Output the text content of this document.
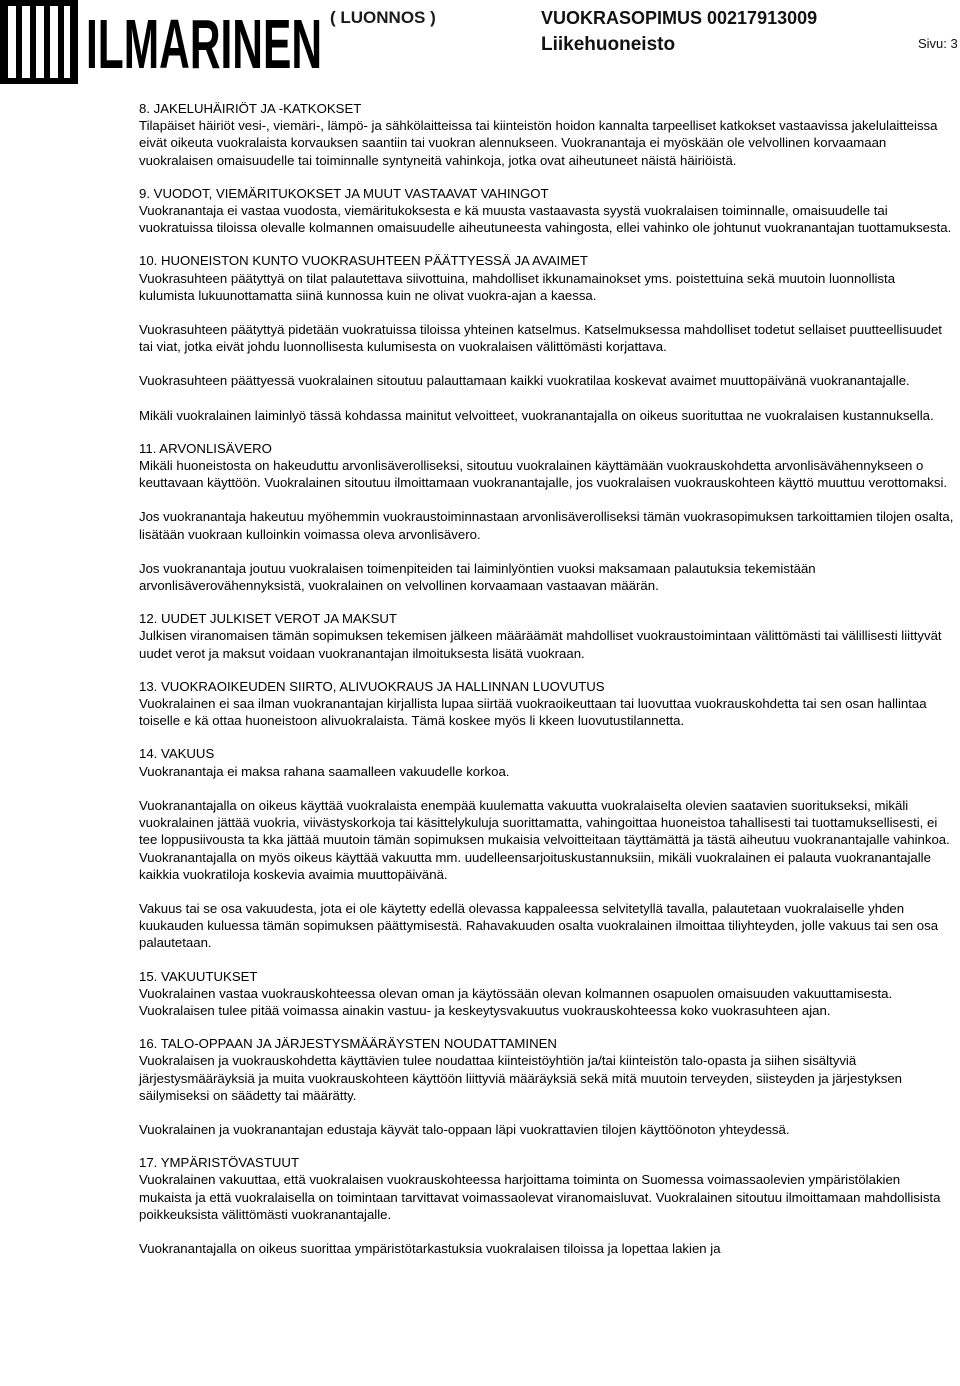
ILMARINEN ( LUONNOS )	VUOKRASOPIMUS 00217913009
Liikehuoneisto	Sivu: 3
8. JAKELUHÄIRIÖT JA -KATKOKSET

Tilapäiset häiriöt vesi-, viemäri-, lämpö- ja sähkölaitteissa tai kiinteistön hoidon kannalta tarpeelliset katkokset vastaavissa jakelulaitteissa eivät oikeuta vuokralaista korvauksen saantiin tai vuokran alennukseen. Vuokranantaja ei myöskään ole velvollinen korvaamaan vuokralaisen omaisuudelle tai toiminnalle syntyneitä vahinkoja, jotka ovat aiheutuneet näistä häiriöistä.

9. VUODOT, VIEMÄRITUKOKSET JA MUUT VASTAAVAT VAHINGOT

Vuokranantaja ei vastaa vuodosta, viemäritukoksesta e kä muusta vastaavasta syystä vuokralaisen toiminnalle, omaisuudelle tai vuokratuissa tiloissa olevalle kolmannen omaisuudelle aiheutuneesta vahingosta, ellei vahinko ole johtunut vuokranantajan tuottamuksesta.

10. HUONEISTON KUNTO VUOKRASUHTEEN PÄÄTTYESSÄ JA AVAIMET

Vuokrasuhteen päätyttyä on tilat palautettava siivottuina, mahdolliset ikkunamainokset yms. poistettuina sekä muutoin luonnollista kulumista lukuunottamatta siinä kunnossa kuin ne olivat vuokra-ajan a kaessa.

Vuokrasuhteen päätyttyä pidetään vuokratuissa tiloissa yhteinen katselmus. Katselmuksessa mahdolliset todetut sellaiset puutteellisuudet tai viat, jotka eivät johdu luonnollisesta kulumisesta on vuokralaisen välittömästi korjattava.

Vuokrasuhteen päättyessä vuokralainen sitoutuu palauttamaan kaikki vuokratilaa koskevat avaimet muuttopäivänä vuokranantajalle.

Mikäli vuokralainen laiminlyö tässä kohdassa mainitut velvoitteet, vuokranantajalla on oikeus suorituttaa ne vuokralaisen kustannuksella.

11. ARVONLISÄVERO

Mikäli huoneistosta on hakeuduttu arvonlisäverolliseksi, sitoutuu vuokralainen käyttämään vuokrauskohdetta arvonlisävähennykseen o keuttavaan käyttöön. Vuokralainen sitoutuu ilmoittamaan vuokranantajalle, jos vuokralaisen vuokrauskohteen käyttö muuttuu verottomaksi.

Jos vuokranantaja hakeutuu myöhemmin vuokraustoiminnastaan arvonlisäverolliseksi tämän vuokrasopimuksen tarkoittamien tilojen osalta, lisätään vuokraan kulloinkin voimassa oleva arvonlisävero.

Jos vuokranantaja joutuu vuokralaisen toimenpiteiden tai laiminlyöntien vuoksi maksamaan palautuksia tekemistään arvonlisäverovähennyksistä, vuokralainen on velvollinen korvaamaan vastaavan määrän.

12. UUDET JULKISET VEROT JA MAKSUT

Julkisen viranomaisen tämän sopimuksen tekemisen jälkeen määräämät mahdolliset vuokraustoimintaan välittömästi tai välillisesti liittyvät uudet verot ja maksut voidaan vuokranantajan ilmoituksesta lisätä vuokraan.

13. VUOKRAOIKEUDEN SIIRTO, ALIVUOKRAUS JA HALLINNAN LUOVUTUS

Vuokralainen ei saa ilman vuokranantajan kirjallista lupaa siirtää vuokraoikeuttaan tai luovuttaa vuokrauskohdetta tai sen osan hallintaa toiselle e kä ottaa huoneistoon alivuokralaista. Tämä koskee myös li kkeen luovutustilannetta.

14. VAKUUS

Vuokranantaja ei maksa rahana saamalleen vakuudelle korkoa.

Vuokranantajalla on oikeus käyttää vuokralaista enempää kuulematta vakuutta vuokralaiselta olevien saatavien suoritukseksi, mikäli vuokralainen jättää vuokria, viivästyskorkoja tai käsittelykuluja suorittamatta, vahingoittaa huoneistoa tahallisesti tai tuottamuksellisesti, ei tee loppusiivousta ta kka jättää muutoin tämän sopimuksen mukaisia velvoitteitaan täyttämättä ja tästä aiheutuu vuokranantajalle vahinkoa. Vuokranantajalla on myös oikeus käyttää vakuutta mm. uudelleensarjoituskustannuksiin, mikäli vuokralainen ei palauta vuokranantajalle kaikkia vuokratiloja koskevia avaimia muuttopäivänä.

Vakuus tai se osa vakuudesta, jota ei ole käytetty edellä olevassa kappaleessa selvitetyllä tavalla, palautetaan vuokralaiselle yhden kuukauden kuluessa tämän sopimuksen päättymisestä. Rahavakuuden osalta vuokralainen ilmoittaa tiliyhteyden, jolle vakuus tai sen osa palautetaan.

15. VAKUUTUKSET

Vuokralainen vastaa vuokrauskohteessa olevan oman ja käytössään olevan kolmannen osapuolen omaisuuden vakuuttamisesta. Vuokralaisen tulee pitää voimassa ainakin vastuu- ja keskeytysvakuutus vuokrauskohteessa koko vuokrasuhteen ajan.

16. TALO-OPPAAN JA JÄRJESTYSMÄÄRÄYSTEN NOUDATTAMINEN

Vuokralaisen ja vuokrauskohdetta käyttävien tulee noudattaa kiinteistöyhtiön ja/tai kiinteistön talo-opasta ja siihen sisältyviä järjestysmääräyksiä ja muita vuokrauskohteen käyttöön liittyviä määräyksiä sekä mitä muutoin terveyden, siisteyden ja järjestyksen säilymiseksi on säädetty tai määrätty.

Vuokralainen ja vuokranantajan edustaja käyvät talo-oppaan läpi vuokrattavien tilojen käyttöönoton yhteydessä.

17. YMPÄRISTÖVASTUUT

Vuokralainen vakuuttaa, että vuokralaisen vuokrauskohteessa harjoittama toiminta on Suomessa voimassaolevien ympäristölakien mukaista ja että vuokralaisella on toimintaan tarvittavat voimassaolevat viranomaisluvat. Vuokralainen sitoutuu ilmoittamaan mahdollisista poikkeuksista välittömästi vuokranantajalle.

Vuokranantajalla on oikeus suorittaa ympäristötarkastuksia vuokralaisen tiloissa ja lopettaa lakien ja
